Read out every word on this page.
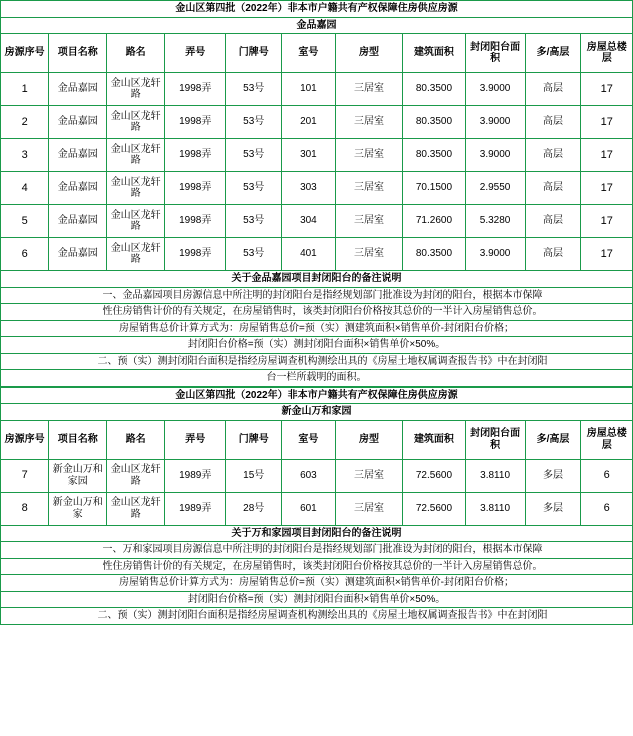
金山区第四批（2022年）非本市户籍共有产权保障住房供应房源										
金品嘉园										
房源序号	项目名称	路名	弄号	门牌号	室号	房型	建筑面积	封闭阳台面积	多/高层	房屋总楼层
1	金品嘉园	金山区龙轩路	1998弄	53号	101	三居室	80.3500	3.9000	高层	17
2	金品嘉园	金山区龙轩路	1998弄	53号	201	三居室	80.3500	3.9000	高层	17
3	金品嘉园	金山区龙轩路	1998弄	53号	301	三居室	80.3500	3.9000	高层	17
4	金品嘉园	金山区龙轩路	1998弄	53号	303	三居室	70.1500	2.9550	高层	17
5	金品嘉园	金山区龙轩路	1998弄	53号	304	三居室	71.2600	5.3280	高层	17
6	金品嘉园	金山区龙轩路	1998弄	53号	401	三居室	80.3500	3.9000	高层	17
关于金品嘉园项目封闭阳台的备注说明										
一、金品嘉园项目房源信息中所注明的封闭阳台是指经规划部门批准设为封闭的阳台，根据本市保障										
性住房销售计价的有关规定，在房屋销售时，该类封闭阳台价格按其总价的一半计入房屋销售总价。										
房屋销售总价计算方式为：房屋销售总价=预（实）测建筑面积×销售单价-封闭阳台价格；										
封闭阳台价格=预（实）测封闭阳台面积×销售单价×50%。										
二、预（实）测封闭阳台面积是指经房屋调查机构测绘出具的《房屋土地权属调查报告书》中在封闭阳										
台一栏所载明的面积。										
金山区第四批（2022年）非本市户籍共有产权保障住房供应房源										
新金山万和家园										
房源序号	项目名称	路名	弄号	门牌号	室号	房型	建筑面积	封闭阳台面积	多/高层	房屋总楼层
7	新金山万和家园	金山区龙轩路	1989弄	15号	603	三居室	72.5600	3.8110	多层	6
8	新金山万和家	金山区龙轩路	1989弄	28号	601	三居室	72.5600	3.8110	多层	6
关于万和家园项目封闭阳台的备注说明										
一、万和家园项目房源信息中所注明的封闭阳台是指经规划部门批准设为封闭的阳台，根据本市保障										
性住房销售计价的有关规定，在房屋销售时，该类封闭阳台价格按其总价的一半计入房屋销售总价。										
房屋销售总价计算方式为：房屋销售总价=预（实）测建筑面积×销售单价-封闭阳台价格；										
封闭阳台价格=预（实）测封闭阳台面积×销售单价×50%。										
二、预（实）测封闭阳台面积是指经房屋调查机构测绘出具的《房屋土地权属调查报告书》中在封闭阳										
